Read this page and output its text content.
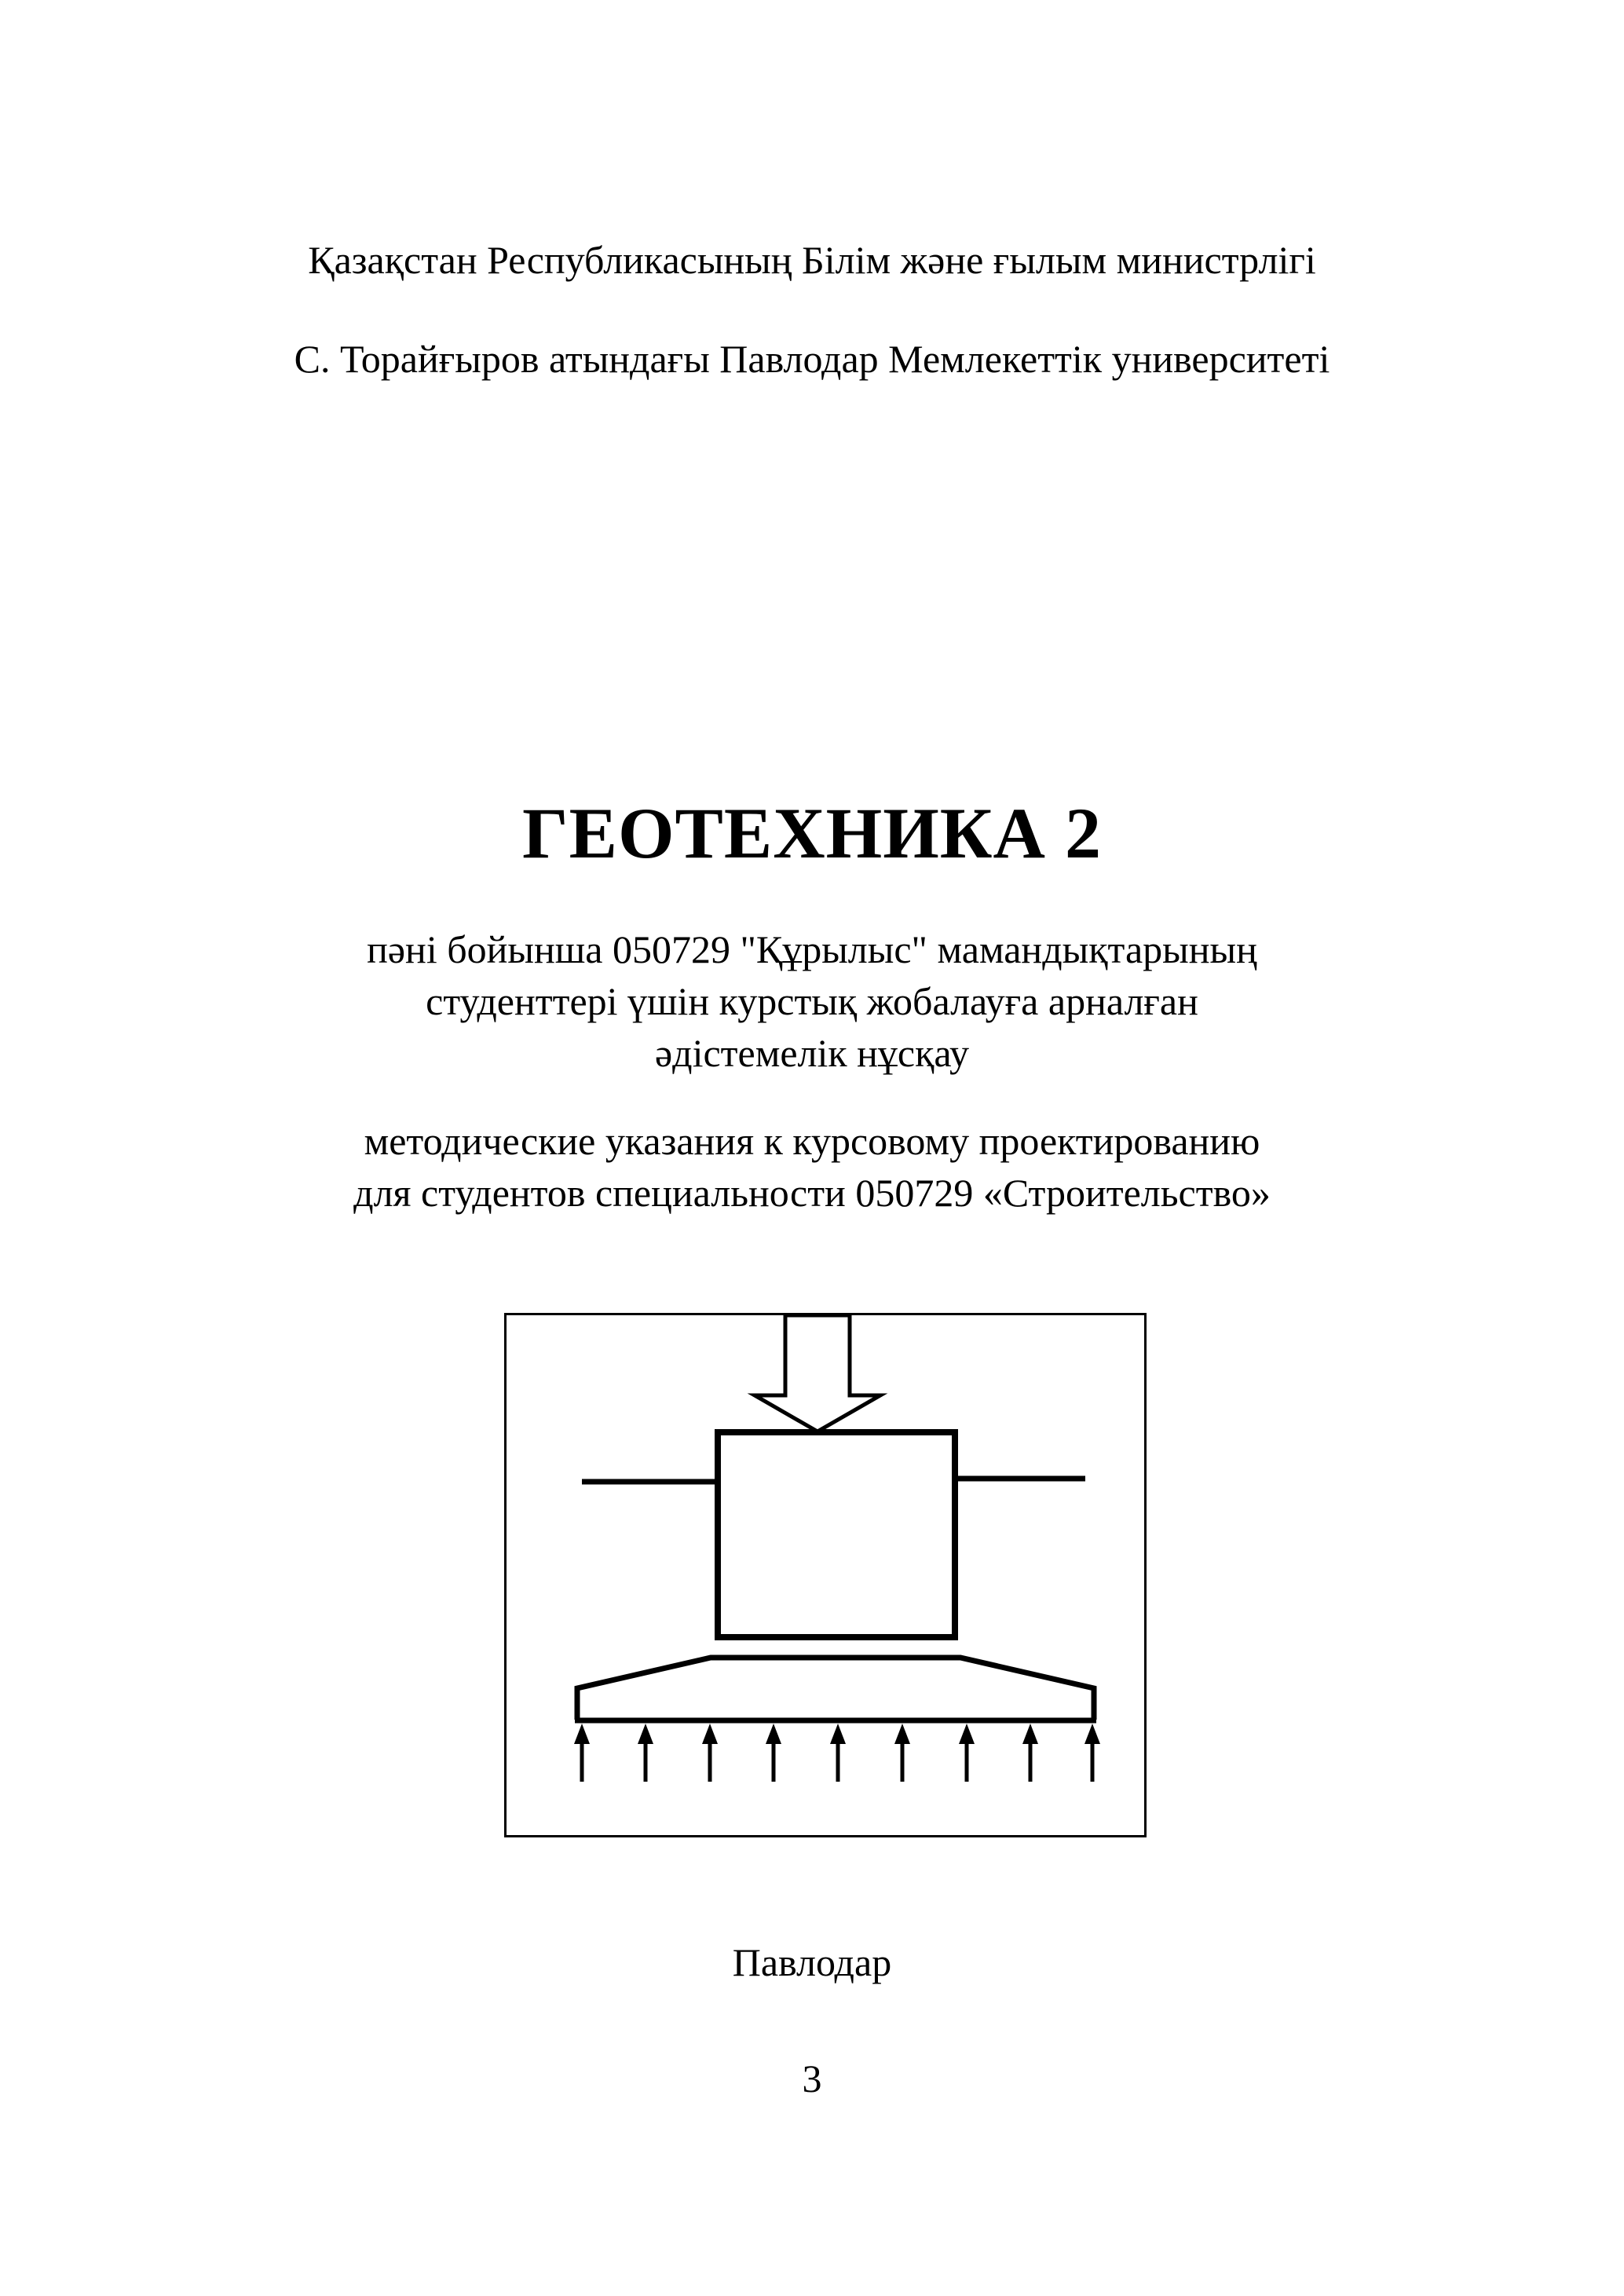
Қазақстан Республикасының Білім және ғылым министрлігі
С. Торайғыров атындағы Павлодар Мемлекеттік университеті
ГЕОТЕХНИКА 2
пәні бойынша 050729 "Құрылыс" мамандықтарының
студенттері үшін курстық жобалауға арналған
әдістемелік нұсқау
методические указания к курсовому проектированию
для студентов специальности 050729 «Строительство»
Павлодар
3
